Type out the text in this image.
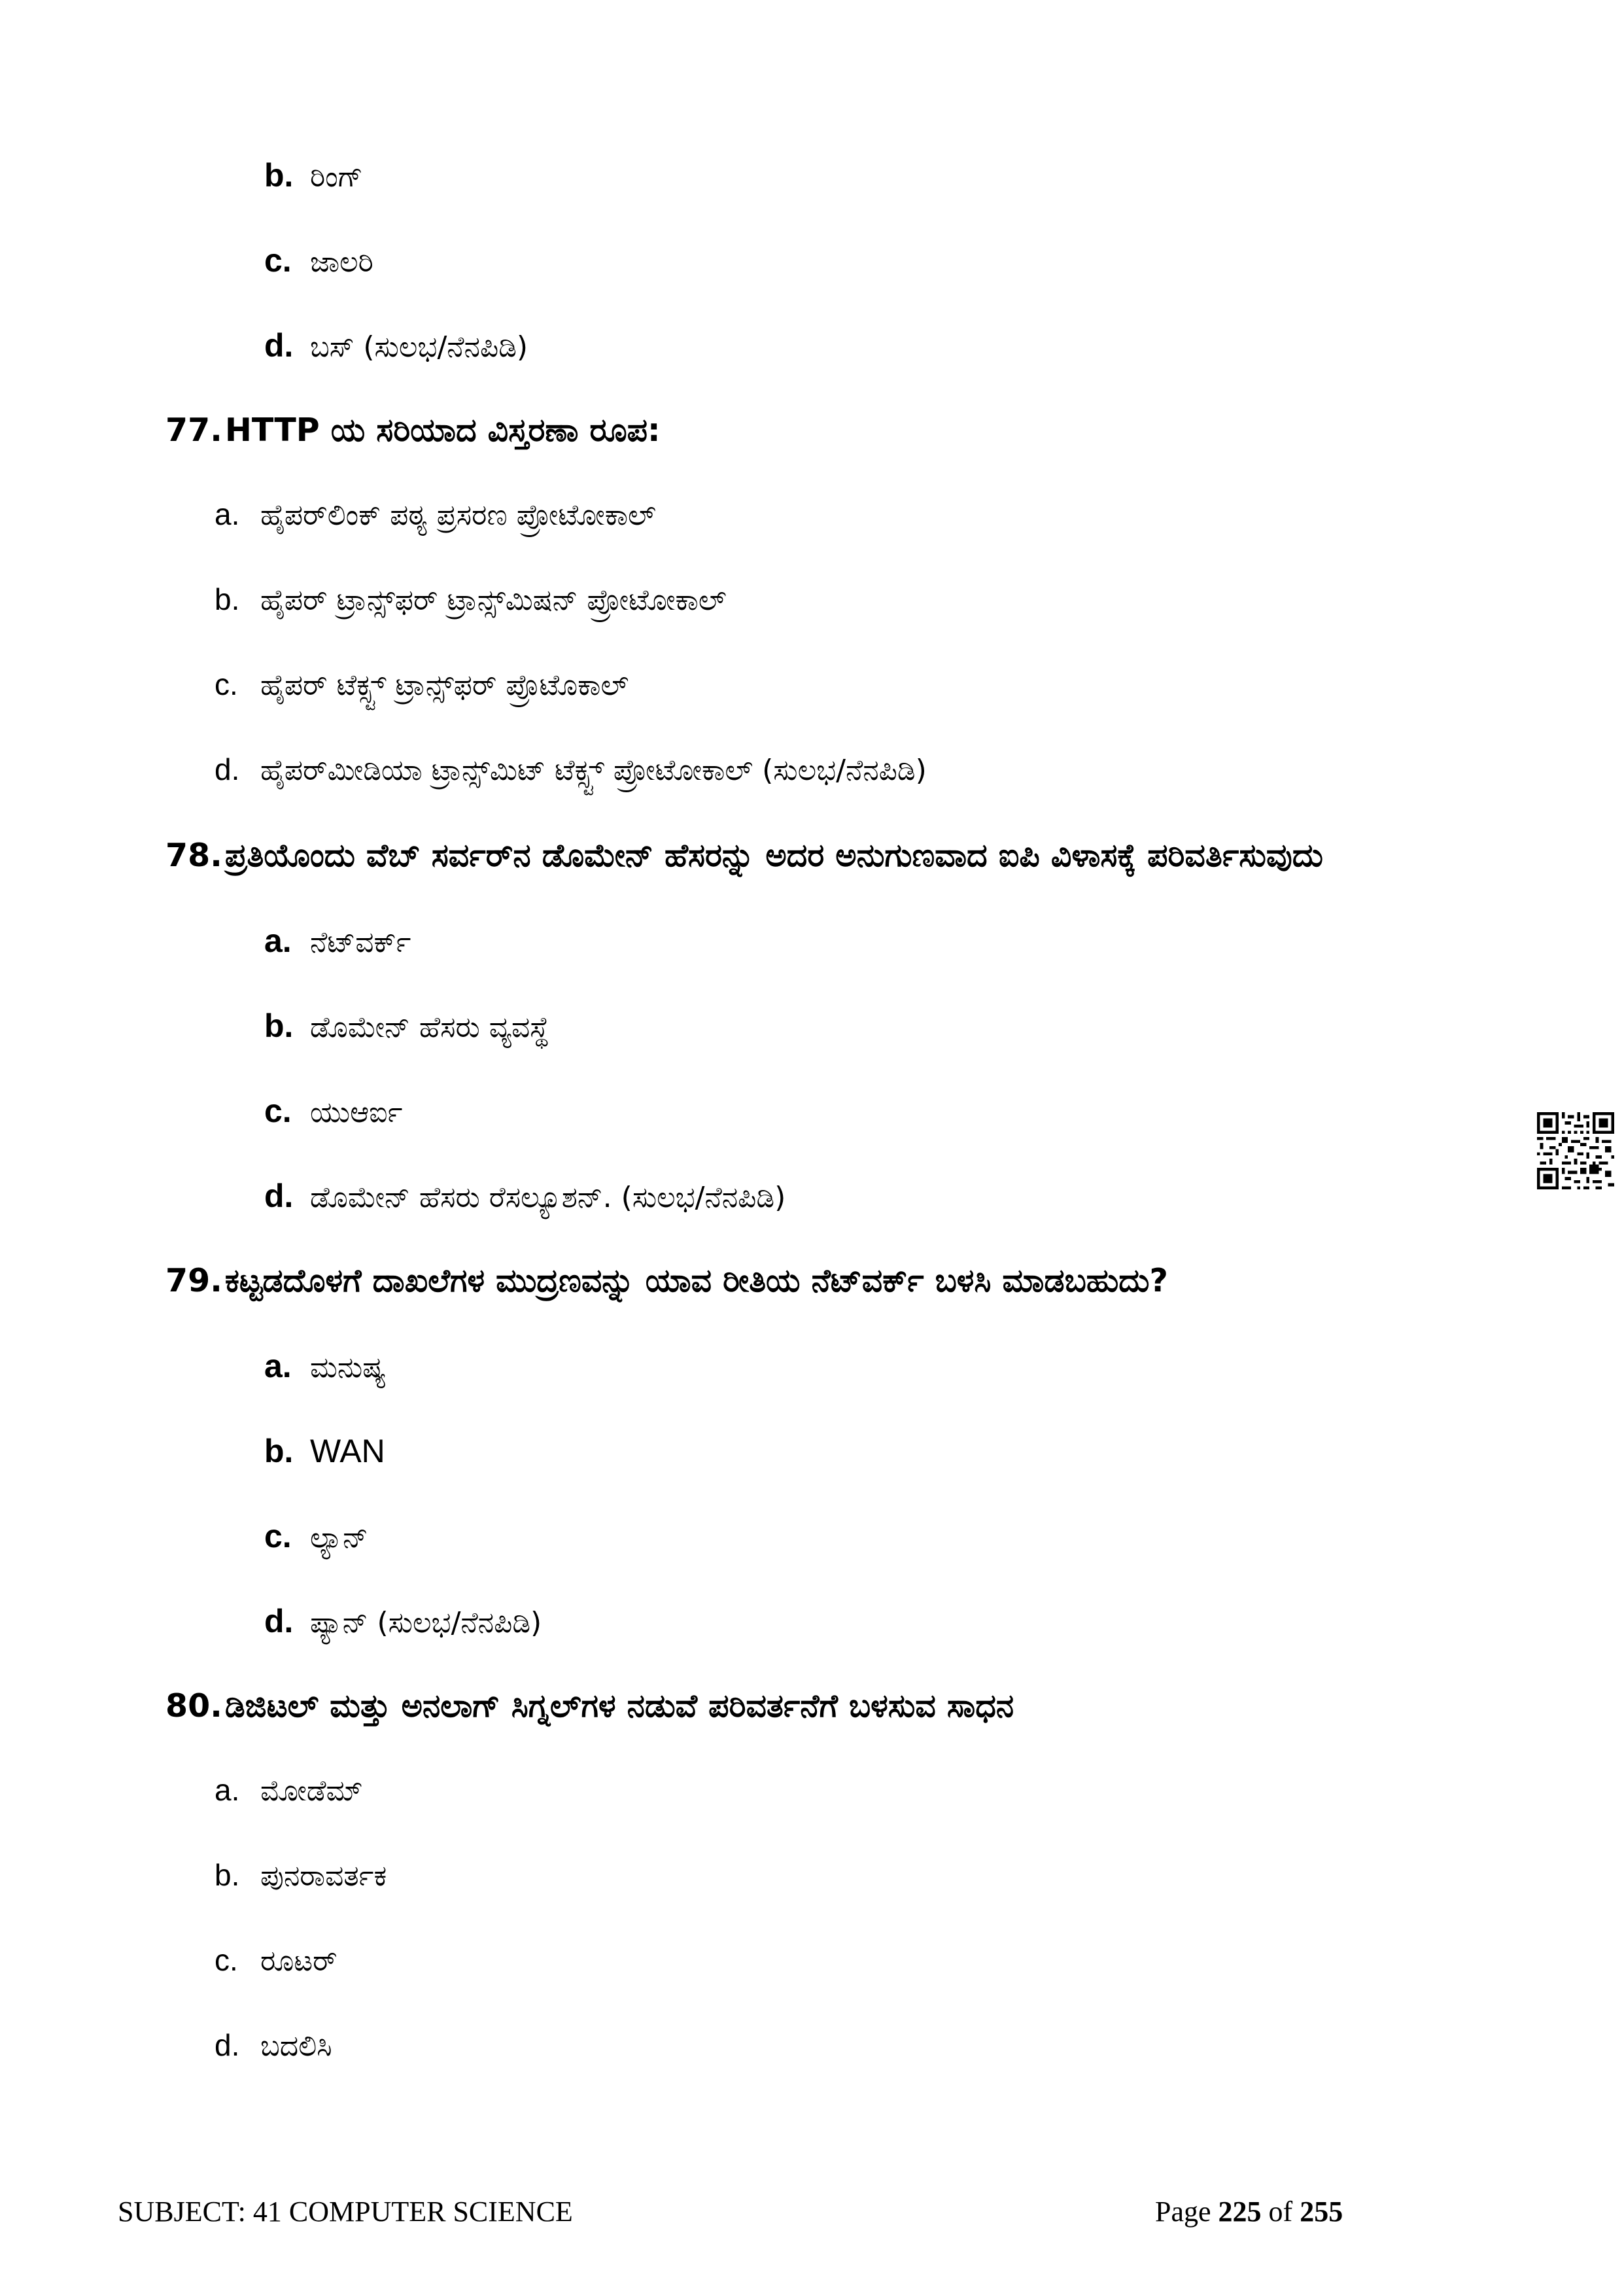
b. ರಿಂಗ್
c. ಜಾಲರಿ
d. ಬಸ್ (ಸುಲಭ/ನೆನಪಿಡಿ)
77.HTTP ಯ ಸರಿಯಾದ ವಿಸ್ತರಣಾ ರೂಪ:
a. ಹೈಪರ್‌ಲಿಂಕ್ ಪಠ್ಯ ಪ್ರಸರಣ ಪ್ರೋಟೋಕಾಲ್
b. ಹೈಪರ್ ಟ್ರಾನ್ಸ್‌ಫರ್ ಟ್ರಾನ್ಸ್‌ಮಿಷನ್ ಪ್ರೋಟೋಕಾಲ್
c. ಹೈಪರ್ ಟೆಕ್ಸ್ಟ್ ಟ್ರಾನ್ಸ್‌ಫರ್ ಪ್ರೊಟೊಕಾಲ್
d. ಹೈಪರ್‌ಮೀಡಿಯಾ ಟ್ರಾನ್ಸ್‌ಮಿಟ್ ಟೆಕ್ಸ್ಟ್ ಪ್ರೋಟೋಕಾಲ್ (ಸುಲಭ/ನೆನಪಿಡಿ)
78.ಪ್ರತಿಯೊಂದು ವೆಬ್ ಸರ್ವರ್‌ನ ಡೊಮೇನ್ ಹೆಸರನ್ನು ಅದರ ಅನುಗುಣವಾದ ಐಪಿ ವಿಳಾಸಕ್ಕೆ ಪರಿವರ್ತಿಸುವುದು
a. ನೆಟ್‌ವರ್ಕ್
b. ಡೊಮೇನ್ ಹೆಸರು ವ್ಯವಸ್ಥೆ
c. ಯುಆರ್ಐ
d. ಡೊಮೇನ್ ಹೆಸರು ರೆಸಲ್ಯೂಶನ್. (ಸುಲಭ/ನೆನಪಿಡಿ)
79.ಕಟ್ಟಡದೊಳಗೆ ದಾಖಲೆಗಳ ಮುದ್ರಣವನ್ನು ಯಾವ ರೀತಿಯ ನೆಟ್‌ವರ್ಕ್ ಬಳಸಿ ಮಾಡಬಹುದು?
a. ಮನುಷ್ಯ
b. WAN
c. ಲ್ಯಾನ್
d. ಪ್ಯಾನ್ (ಸುಲಭ/ನೆನಪಿಡಿ)
80.ಡಿಜಿಟಲ್ ಮತ್ತು ಅನಲಾಗ್ ಸಿಗ್ನಲ್‌ಗಳ ನಡುವೆ ಪರಿವರ್ತನೆಗೆ ಬಳಸುವ ಸಾಧನ
a. ಮೋಡೆಮ್
b. ಪುನರಾವರ್ತಕ
c. ರೂಟರ್
d. ಬದಲಿಸಿ
SUBJECT: 41 COMPUTER SCIENCE	Page 225 of 255
